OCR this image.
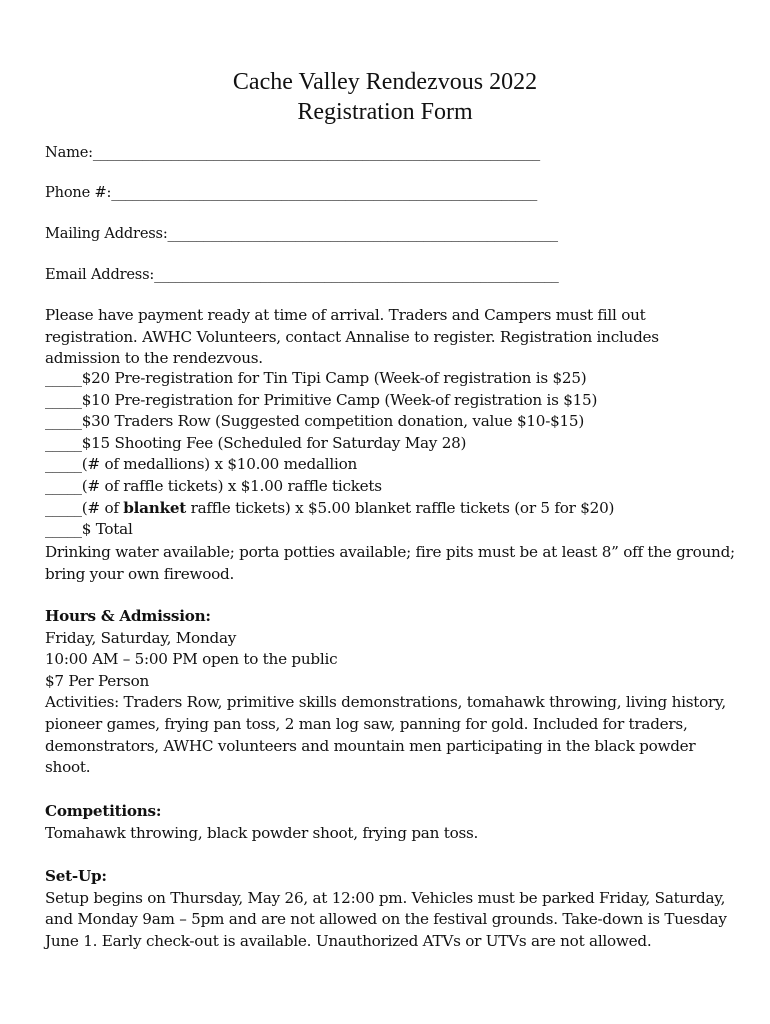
Cache Valley Rendezvous 2022
Registration Form
Name:_______________________________________________________________
Phone #:____________________________________________________________
Mailing Address:_______________________________________________________
Email Address:_________________________________________________________
Please have payment ready at time of arrival. Traders and Campers must fill out registration. AWHC Volunteers, contact Annalise to register. Registration includes admission to the rendezvous.
_____$20 Pre-registration for Tin Tipi Camp (Week-of registration is $25)
_____$10 Pre-registration for Primitive Camp (Week-of registration is $15)
_____$30 Traders Row (Suggested competition donation, value $10-$15)
_____$15 Shooting Fee (Scheduled for Saturday May 28)
_____(# of medallions) x $10.00 medallion
_____(# of raffle tickets) x $1.00 raffle tickets
_____(# of blanket raffle tickets) x $5.00 blanket raffle tickets (or 5 for $20)
_____$ Total
Drinking water available; porta potties available; fire pits must be at least 8” off the ground; bring your own firewood.
Hours & Admission:
Friday, Saturday, Monday
10:00 AM – 5:00 PM open to the public
$7 Per Person
Activities: Traders Row, primitive skills demonstrations, tomahawk throwing, living history, pioneer games, frying pan toss, 2 man log saw, panning for gold. Included for traders, demonstrators, AWHC volunteers and mountain men participating in the black powder shoot.
Competitions:
Tomahawk throwing, black powder shoot, frying pan toss.
Set-Up:
Setup begins on Thursday, May 26, at 12:00 pm. Vehicles must be parked Friday, Saturday, and Monday 9am – 5pm and are not allowed on the festival grounds. Take-down is Tuesday June 1. Early check-out is available. Unauthorized ATVs or UTVs are not allowed.
